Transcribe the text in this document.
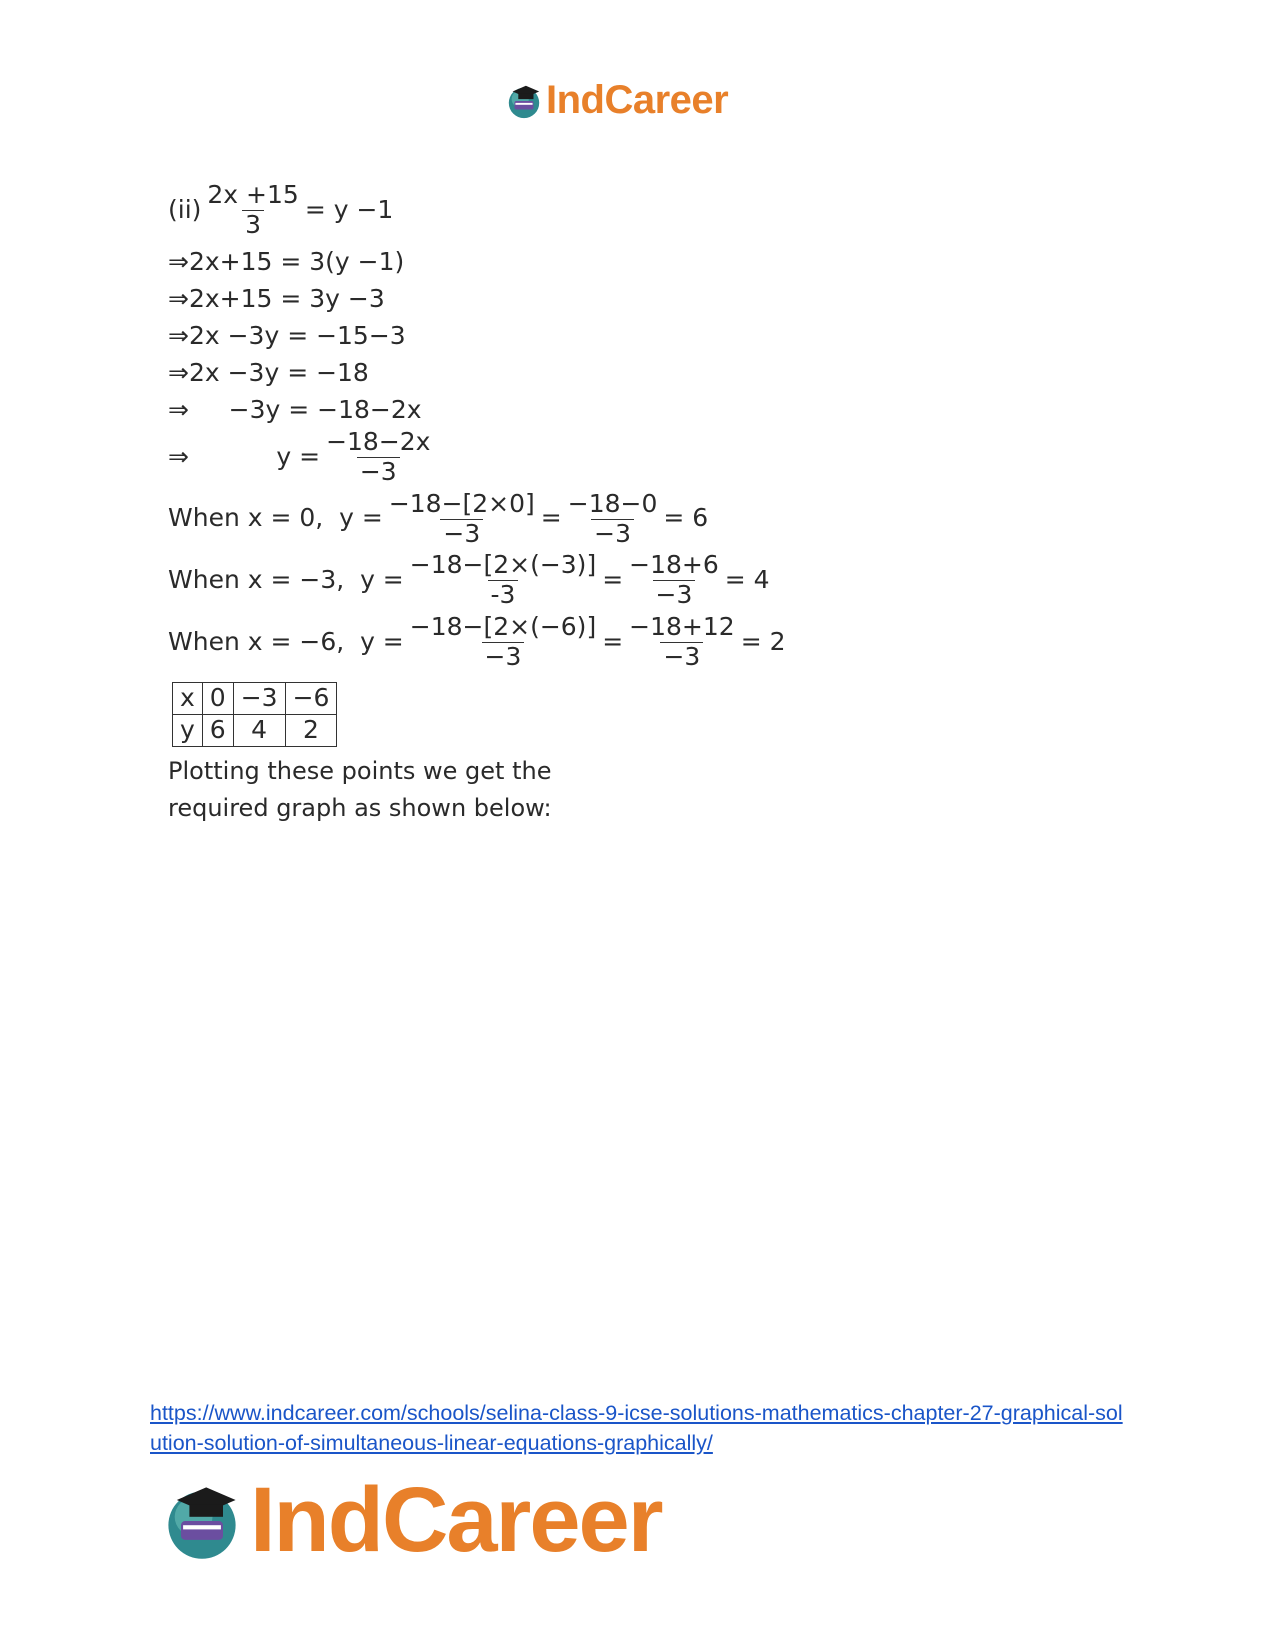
IndCareer
$(ii) \frac{2x +15}{3} = y -1$
⇒2x+15 = 3(y −1)
⇒2x+15 = 3y −3
⇒2x −3y = −15−3
⇒2x −3y = −18
⇒     −3y = −18−2x
⇒           $y = \frac{-18-2x}{-3}$
When x = 0,  $y = \frac{-18-[2\times 0]}{-3} = \frac{-18-0}{-3} = 6$
When x = −3,  $y = \frac{-18-[2\times(-3)]}{-3} = \frac{-18+6}{-3} = 4$
When x = −6,  $y = \frac{-18-[2\times(-6)]}{-3} = \frac{-18+12}{-3} = 2$
x	0	−3	−6
y	6	4	2
Plotting these points we get the
required graph as shown below:
https://www.indcareer.com/schools/selina-class-9-icse-solutions-mathematics-chapter-27-graphical-solution-solution-of-simultaneous-linear-equations-graphically/
IndCareer
